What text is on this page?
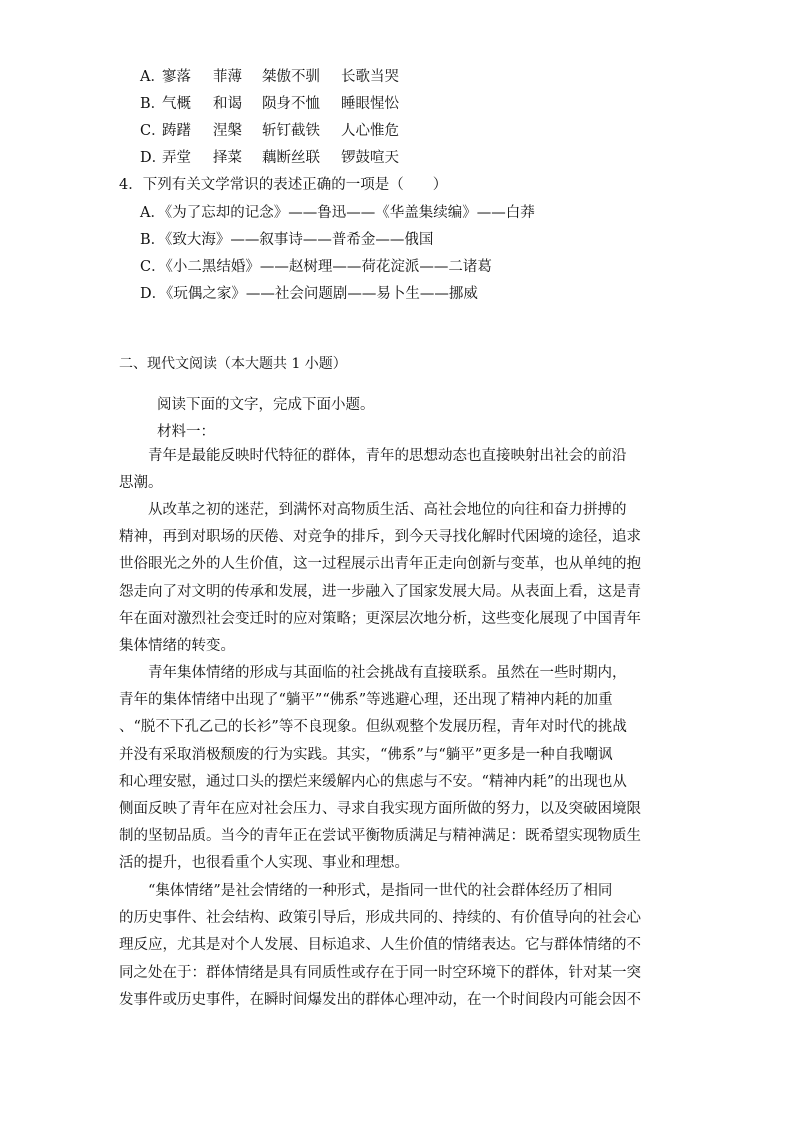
A．寥落 菲薄 桀傲不驯 长歌当哭
B．气概 和谒 陨身不恤 睡眼惺忪
C．踌躇 涅槃 斩钉截铁 人心惟危
D．弄堂 择菜 藕断丝联 锣鼓喧天
4．下列有关文学常识的表述正确的一项是（　　）
A．《为了忘却的记念》——鲁迅——《华盖集续编》——白莽
B．《致大海》——叙事诗——普希金——俄国
C．《小二黑结婚》——赵树理——荷花淀派——二诸葛
D．《玩偶之家》——社会问题剧——易卜生——挪威
二、现代文阅读（本大题共 1 小题）
阅读下面的文字，完成下面小题。
材料一：
　　青年是最能反映时代特征的群体，青年的思想动态也直接映射出社会的前沿
思潮。
　　从改革之初的迷茫，到满怀对高物质生活、高社会地位的向往和奋力拼搏的
精神，再到对职场的厌倦、对竞争的排斥，到今天寻找化解时代困境的途径，追求
世俗眼光之外的人生价值，这一过程展示出青年正走向创新与变革，也从单纯的抱
怨走向了对文明的传承和发展，进一步融入了国家发展大局。从表面上看，这是青
年在面对激烈社会变迁时的应对策略；更深层次地分析，这些变化展现了中国青年
集体情绪的转变。
　　青年集体情绪的形成与其面临的社会挑战有直接联系。虽然在一些时期内，
青年的集体情绪中出现了“躺平”“佛系”等逃避心理，还出现了精神内耗的加重
、“脱不下孔乙己的长衫”等不良现象。但纵观整个发展历程，青年对时代的挑战
并没有采取消极颓废的行为实践。其实，“佛系”与“躺平”更多是一种自我嘲讽
和心理安慰，通过口头的摆烂来缓解内心的焦虑与不安。“精神内耗”的出现也从
侧面反映了青年在应对社会压力、寻求自我实现方面所做的努力，以及突破困境限
制的坚韧品质。当今的青年正在尝试平衡物质满足与精神满足：既希望实现物质生
活的提升，也很看重个人实现、事业和理想。
　　“集体情绪”是社会情绪的一种形式，是指同一世代的社会群体经历了相同
的历史事件、社会结构、政策引导后，形成共同的、持续的、有价值导向的社会心
理反应，尤其是对个人发展、目标追求、人生价值的情绪表达。它与群体情绪的不
同之处在于：群体情绪是具有同质性或存在于同一时空环境下的群体，针对某一突
发事件或历史事件，在瞬时间爆发出的群体心理冲动，在一个时间段内可能会因不
